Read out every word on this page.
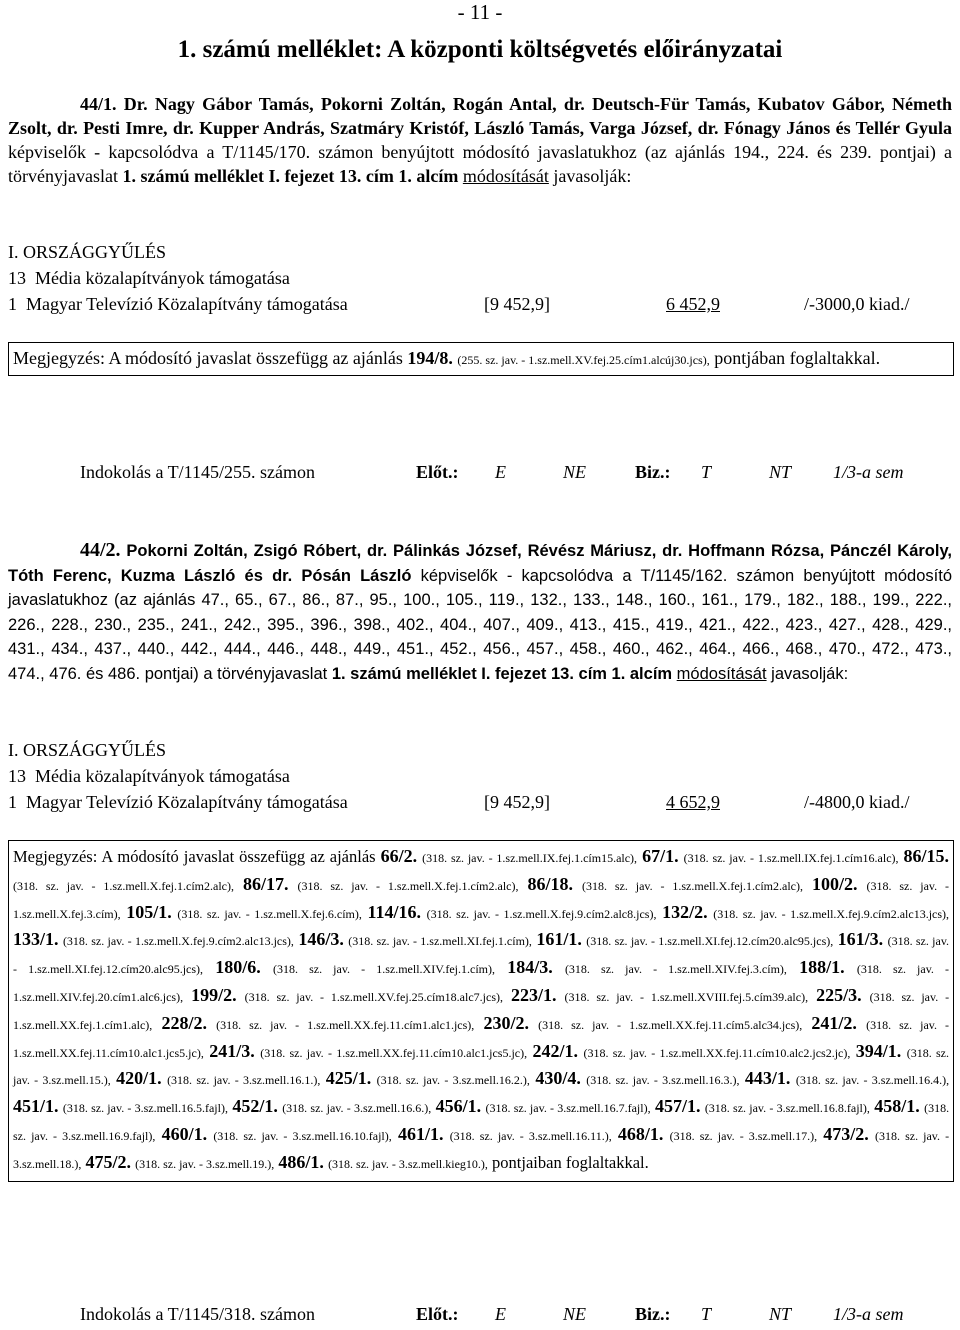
- 11 -
1. számú melléklet: A központi költségvetés előirányzatai
44/1. Dr. Nagy Gábor Tamás, Pokorni Zoltán, Rogán Antal, dr. Deutsch-Für Tamás, Kubatov Gábor, Németh Zsolt, dr. Pesti Imre, dr. Kupper András, Szatmáry Kristóf, László Tamás, Varga József, dr. Fónagy János és Tellér Gyula képviselők - kapcsolódva a T/1145/170. számon benyújtott módosító javaslatukhoz (az ajánlás 194., 224. és 239. pontjai) a törvényjavaslat 1. számú melléklet I. fejezet 13. cím 1. alcím módosítását javasolják:
I. ORSZÁGGYŰLÉS
13  Média közalapítványok támogatása
1  Magyar Televízió Közalapítvány támogatása	[9 452,9]	6 452,9	/-3000,0 kiad./
Megjegyzés: A módosító javaslat összefügg az ajánlás 194/8. (255. sz. jav. - 1.sz.mell.XV.fej.25.cím1.alcúj30.jcs), pontjában foglaltakkal.
Indokolás a T/1145/255. számon	Előt.: E	NE	Biz.: T	NT 1/3-a sem
44/2. Pokorni Zoltán, Zsigó Róbert, dr. Pálinkás József, Révész Máriusz, dr. Hoffmann Rózsa, Pánczél Károly, Tóth Ferenc, Kuzma László és dr. Pósán László képviselők - kapcsolódva a T/1145/162. számon benyújtott módosító javaslatukhoz (az ajánlás 47., 65., 67., 86., 87., 95., 100., 105., 119., 132., 133., 148., 160., 161., 179., 182., 188., 199., 222., 226., 228., 230., 235., 241., 242., 395., 396., 398., 402., 404., 407., 409., 413., 415., 419., 421., 422., 423., 427., 428., 429., 431., 434., 437., 440., 442., 444., 446., 448., 449., 451., 452., 456., 457., 458., 460., 462., 464., 466., 468., 470., 472., 473., 474., 476. és 486. pontjai) a törvényjavaslat 1. számú melléklet I. fejezet 13. cím 1. alcím módosítását javasolják:
I. ORSZÁGGYŰLÉS
13  Média közalapítványok támogatása
1  Magyar Televízió Közalapítvány támogatása	[9 452,9]	4 652,9	/-4800,0 kiad./
Megjegyzés: A módosító javaslat összefügg az ajánlás 66/2. (318. sz. jav. - 1.sz.mell.IX.fej.1.cím15.alc), 67/1. (318. sz. jav. - 1.sz.mell.IX.fej.1.cím16.alc), 86/15. (318. sz. jav. - 1.sz.mell.X.fej.1.cím2.alc), 86/17. (318. sz. jav. - 1.sz.mell.X.fej.1.cím2.alc), 86/18. (318. sz. jav. - 1.sz.mell.X.fej.1.cím2.alc), 100/2. (318. sz. jav. - 1.sz.mell.X.fej.3.cím), 105/1. (318. sz. jav. - 1.sz.mell.X.fej.6.cím), 114/16. (318. sz. jav. - 1.sz.mell.X.fej.9.cím2.alc8.jcs), 132/2. (318. sz. jav. - 1.sz.mell.X.fej.9.cím2.alc13.jcs), 133/1. (318. sz. jav. - 1.sz.mell.X.fej.9.cím2.alc13.jcs), 146/3. (318. sz. jav. - 1.sz.mell.XI.fej.1.cím), 161/1. (318. sz. jav. - 1.sz.mell.XI.fej.12.cím20.alc95.jcs), 161/3. (318. sz. jav. - 1.sz.mell.XI.fej.12.cím20.alc95.jcs), 180/6. (318. sz. jav. - 1.sz.mell.XIV.fej.1.cím), 184/3. (318. sz. jav. - 1.sz.mell.XIV.fej.3.cím), 188/1. (318. sz. jav. - 1.sz.mell.XIV.fej.20.cím1.alc6.jcs), 199/2. (318. sz. jav. - 1.sz.mell.XV.fej.25.cím18.alc7.jcs), 223/1. (318. sz. jav. - 1.sz.mell.XVIII.fej.5.cím39.alc), 225/3. (318. sz. jav. - 1.sz.mell.XX.fej.1.cím1.alc), 228/2. (318. sz. jav. - 1.sz.mell.XX.fej.11.cím1.alc1.jcs), 230/2. (318. sz. jav. - 1.sz.mell.XX.fej.11.cím5.alc34.jcs), 241/2. (318. sz. jav. - 1.sz.mell.XX.fej.11.cím10.alc1.jcs5.jc), 241/3. (318. sz. jav. - 1.sz.mell.XX.fej.11.cím10.alc1.jcs5.jc), 242/1. (318. sz. jav. - 1.sz.mell.XX.fej.11.cím10.alc2.jcs2.jc), 394/1. (318. sz. jav. - 3.sz.mell.15.), 420/1. (318. sz. jav. - 3.sz.mell.16.1.), 425/1. (318. sz. jav. - 3.sz.mell.16.2.), 430/4. (318. sz. jav. - 3.sz.mell.16.3.), 443/1. (318. sz. jav. - 3.sz.mell.16.4.), 451/1. (318. sz. jav. - 3.sz.mell.16.5.fajl), 452/1. (318. sz. jav. - 3.sz.mell.16.6.), 456/1. (318. sz. jav. - 3.sz.mell.16.7.fajl), 457/1. (318. sz. jav. - 3.sz.mell.16.8.fajl), 458/1. (318. sz. jav. - 3.sz.mell.16.9.fajl), 460/1. (318. sz. jav. - 3.sz.mell.16.10.fajl), 461/1. (318. sz. jav. - 3.sz.mell.16.11.), 468/1. (318. sz. jav. - 3.sz.mell.17.), 473/2. (318. sz. jav. - 3.sz.mell.18.), 475/2. (318. sz. jav. - 3.sz.mell.19.), 486/1. (318. sz. jav. - 3.sz.mell.kieg10.), pontjaiban foglaltakkal.
Indokolás a T/1145/318. számon	Előt.: E	NE	Biz.: T	NT 1/3-a sem
